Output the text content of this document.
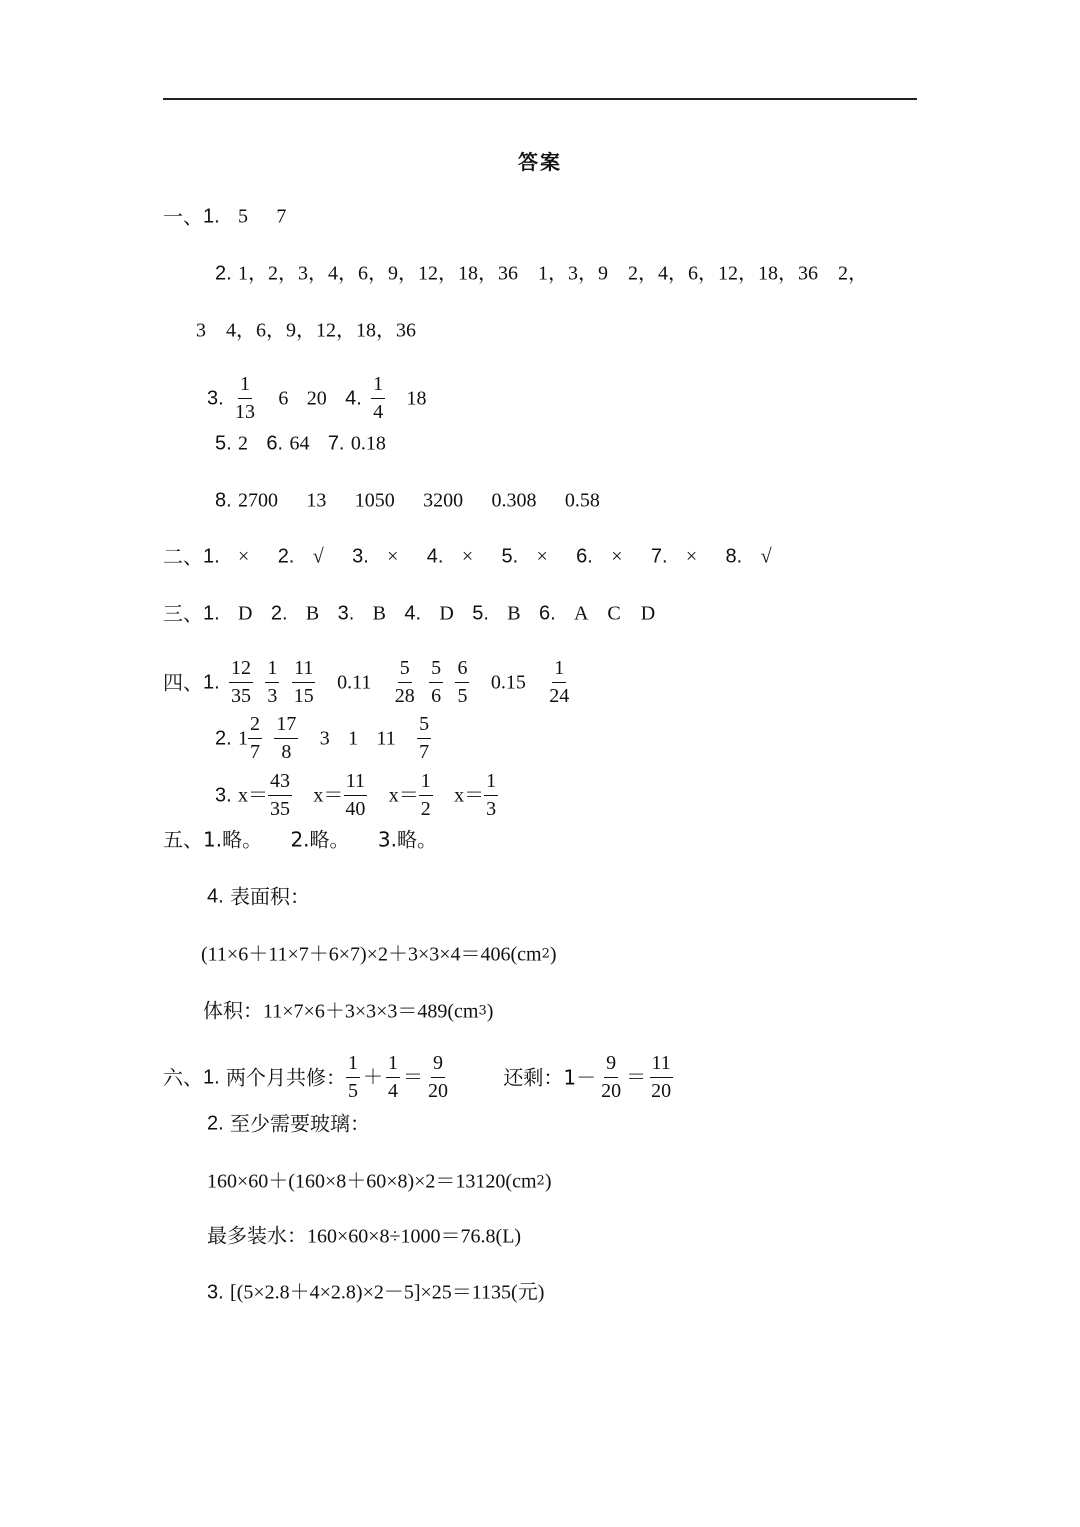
答案
一、1. 5 7
2. 1，2，3，4，6，9，12，18，36　1，3，9　2，4，6，12，18，36　2，
3　4，6，9，12，18，36
3. $\frac{1}{13} 6$ 20 4. $\frac{1}{4} 18$
5. 2 6. 64 7. 0.18
8. 2700 13 1050 3200 0.308 0.58
二、1. × 2. √ 3. × 4. × 5. × 6. × 7. × 8. √
三、1. D 2. B 3. B 4. D 5. B 6. A　C　D
四、1. $\frac{12}{35}$
$\frac{1}{3}$
$\frac{11}{15} 0.11 \frac{5}{28}$
$\frac{5}{6}$
$\frac{6}{5} 0.15 \frac{1}{24}$
2. $1 \frac{2}{7}$
$\frac{17}{8} 3$ 1 $11 \frac{5}{7}$
3. $x= \frac{43}{35} x= \frac{11}{40} x= \frac{1}{2} x= \frac{1}{3}$
五、1.略。 2.略。 3.略。
4. 表面积：
(11×6＋11×7＋6×7)×2＋3×3×4＝406(cm2)
体积：11×7×6＋3×3×3＝489(cm3)
六、1. 两个月共修： $\frac{1}{5} + \frac{1}{4} = \frac{9}{20}$	还剩：$1- \frac{9}{20} = \frac{11}{20}$
2. 至少需要玻璃：
160×60＋(160×8＋60×8)×2＝13120(cm2)
最多装水：160×60×8÷1000＝76.8(L)
3. [(5×2.8＋4×2.8)×2－5]×25＝1135(元)
